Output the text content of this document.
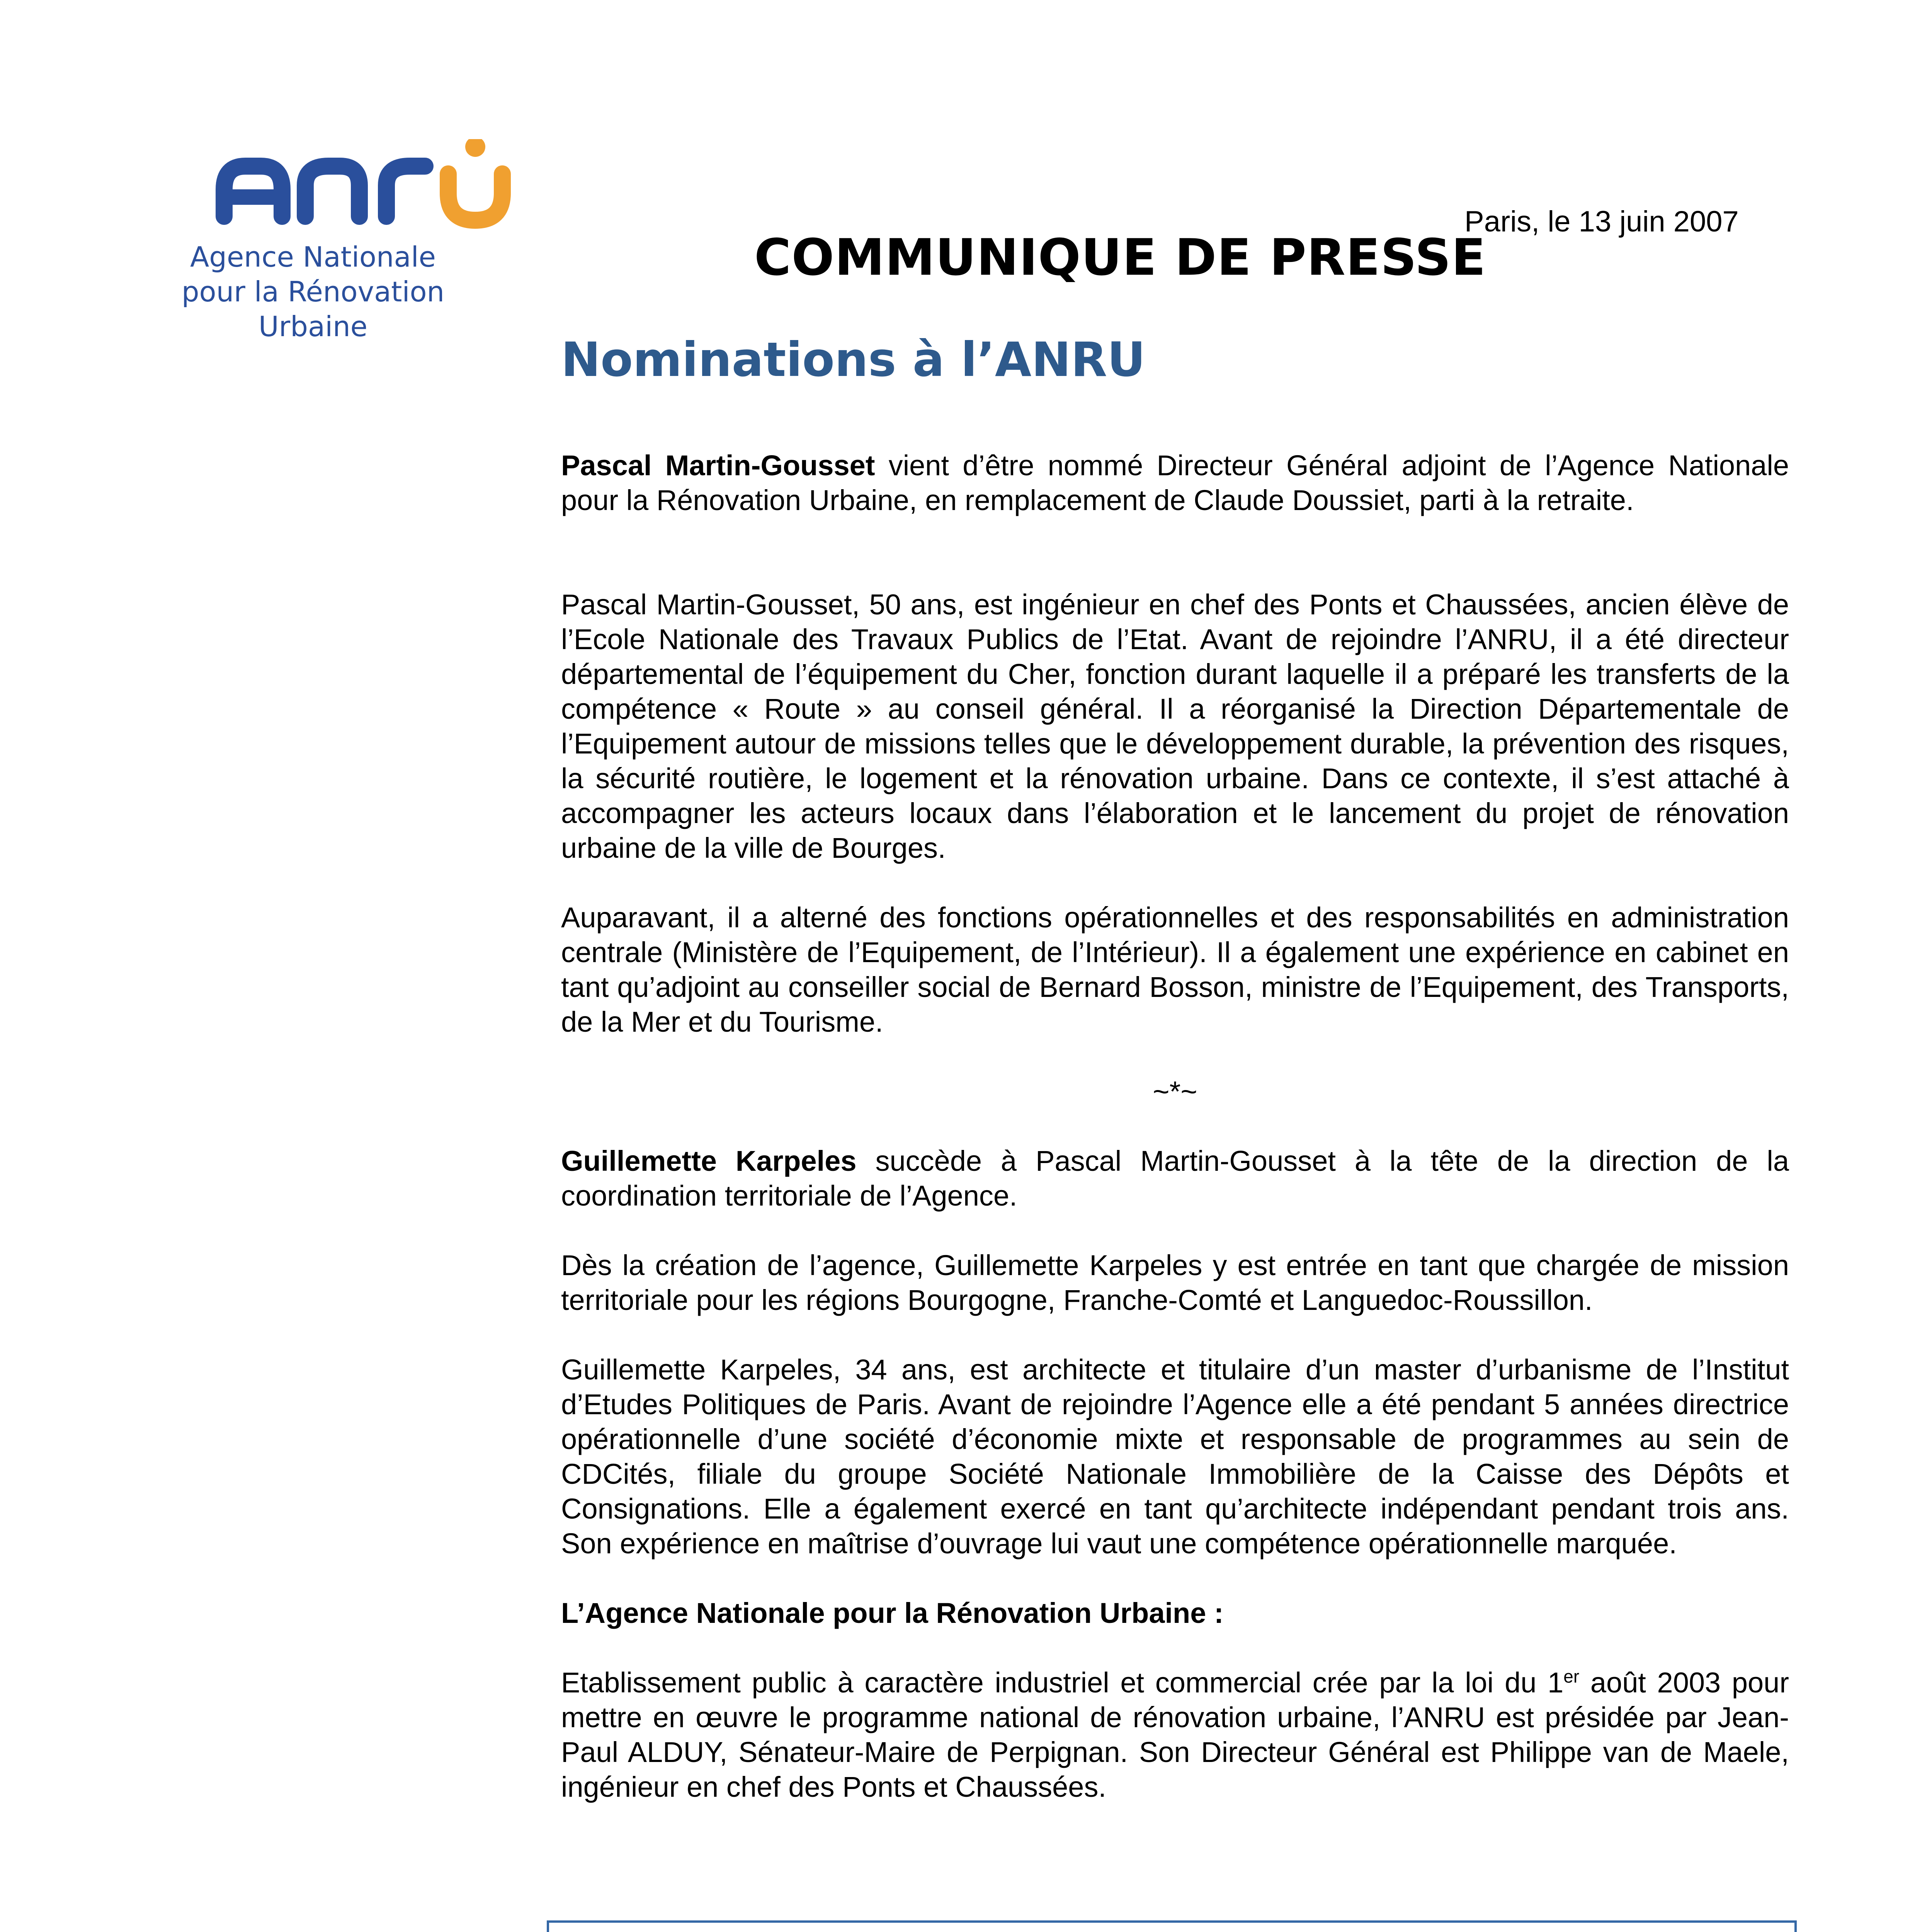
Agence Nationale
pour la Rénovation
Urbaine
Paris, le 13 juin 2007
COMMUNIQUE DE PRESSE
Nominations à l’ANRU

Pascal Martin-Gousset vient d’être nommé Directeur Général adjoint de l’Agence Nationale pour la Rénovation Urbaine, en remplacement de Claude Doussiet, parti à la retraite.

Pascal Martin-Gousset, 50 ans, est ingénieur en chef des Ponts et Chaussées, ancien élève de l’Ecole Nationale des Travaux Publics de l’Etat. Avant de rejoindre l’ANRU, il a été directeur départemental de l’équipement du Cher, fonction durant laquelle il a préparé les transferts de la compétence « Route » au conseil général. Il a réorganisé la Direction Départementale de l’Equipement autour de missions telles que le développement durable, la prévention des risques, la sécurité routière, le logement et la rénovation urbaine. Dans ce contexte, il s’est attaché à accompagner les acteurs locaux dans l’élaboration et le lancement du projet de rénovation urbaine de la ville de Bourges.

Auparavant, il a alterné des fonctions opérationnelles et des responsabilités en administration centrale (Ministère de l’Equipement, de l’Intérieur). Il a également une expérience en cabinet en tant qu’adjoint au conseiller social de Bernard Bosson, ministre de l’Equipement, des Transports, de la Mer et du Tourisme.

~*~

Guillemette Karpeles succède à Pascal Martin-Gousset à la tête de la direction de la coordination territoriale de l’Agence.

Dès la création de l’agence, Guillemette Karpeles y est entrée en tant que chargée de mission territoriale pour les régions Bourgogne, Franche-Comté et Languedoc-Roussillon.

Guillemette Karpeles, 34 ans, est architecte et titulaire d’un master d’urbanisme de l’Institut d’Etudes Politiques de Paris. Avant de rejoindre l’Agence elle a été pendant 5 années directrice opérationnelle d’une société d’économie mixte et responsable de programmes au sein de CDCités, filiale du groupe Société Nationale Immobilière de la Caisse des Dépôts et Consignations. Elle a également exercé en tant qu’architecte indépendant pendant trois ans. Son expérience en maîtrise d’ouvrage lui vaut une compétence opérationnelle marquée.

L’Agence Nationale pour la Rénovation Urbaine :

Etablissement public à caractère industriel et commercial crée par la loi du 1er août 2003 pour mettre en œuvre le programme national de rénovation urbaine, l’ANRU est présidée par Jean-Paul ALDUY, Sénateur-Maire de Perpignan. Son Directeur Général est Philippe van de Maele, ingénieur en chef des Ponts et Chaussées.
